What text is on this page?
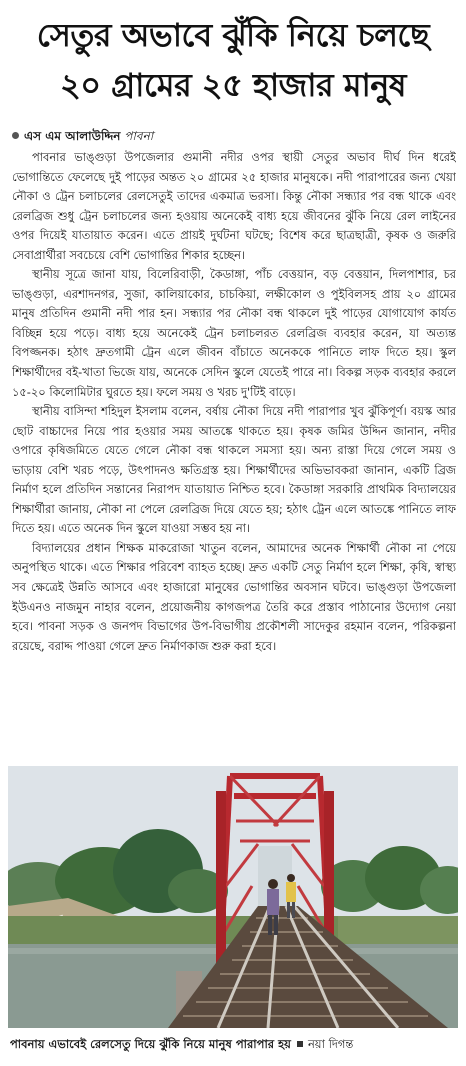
সেতুর অভাবে ঝুঁকি নিয়ে চলছে
২০ গ্রামের ২৫ হাজার মানুষ
এস এম আলাউদ্দিন পাবনা

পাবনার ভাঙ্গুড়া উপজেলার গুমানী নদীর ওপর স্থায়ী সেতুর অভাব দীর্ঘ দিন ধরেই ভোগান্তিতে ফেলেছে দুই পাড়ের অন্তত ২০ গ্রামের ২৫ হাজার মানুষকে। নদী পারাপারের জন্য খেয়া নৌকা ও ট্রেন চলাচলের রেলসেতুই তাদের একমাত্র ভরসা। কিন্তু নৌকা সন্ধ্যার পর বন্ধ থাকে এবং রেলব্রিজ শুধু ট্রেন চলাচলের জন্য হওয়ায় অনেকেই বাধ্য হয়ে জীবনের ঝুঁকি নিয়ে রেল লাইনের ওপর দিয়েই যাতায়াত করেন। এতে প্রায়ই দুর্ঘটনা ঘটছে; বিশেষ করে ছাত্রছাত্রী, কৃষক ও জরুরি সেবাপ্রার্থীরা সবচেয়ে বেশি ভোগান্তির শিকার হচ্ছেন।

স্থানীয় সূত্রে জানা যায়, বিলেরিবাড়ী, কৈডাঙ্গা, পাঁচ বেত্তয়ান, বড় বেত্তয়ান, দিলপাশার, চর ভাঙ্গুড়া, এরশাদনগর, সুজা, কালিয়াকোর, চাচকিয়া, লক্ষীকোল ও পুইবিলসহ প্রায় ২০ গ্রামের মানুষ প্রতিদিন গুমানী নদী পার হন। সন্ধ্যার পর নৌকা বন্ধ থাকলে দুই পাড়ের যোগাযোগ কার্যত বিচ্ছিন্ন হয়ে পড়ে। বাধ্য হয়ে অনেকেই ট্রেন চলাচলরত রেলব্রিজ ব্যবহার করেন, যা অত্যন্ত বিপজ্জনক। হঠাৎ দ্রুতগামী ট্রেন এলে জীবন বাঁচাতে অনেককে পানিতে লাফ দিতে হয়। স্কুল শিক্ষার্থীদের বই-খাতা ভিজে যায়, অনেকে সেদিন স্কুলে যেতেই পারে না। বিকল্প সড়ক ব্যবহার করলে ১৫-২০ কিলোমিটার ঘুরতে হয়। ফলে সময় ও খরচ দু'টিই বাড়ে।

স্থানীয় বাসিন্দা শহিদুল ইসলাম বলেন, বর্ষায় নৌকা দিয়ে নদী পারাপার খুব ঝুঁকিপূর্ণ। বয়স্ক আর ছোট বাচ্চাদের নিয়ে পার হওয়ার সময় আতঙ্কে থাকতে হয়। কৃষক জমির উদ্দিন জানান, নদীর ওপারে কৃষিজমিতে যেতে গেলে নৌকা বন্ধ থাকলে সমস্যা হয়। অন্য রাস্তা দিয়ে গেলে সময় ও ভাড়ায় বেশি খরচ পড়ে, উৎপাদনও ক্ষতিগ্রস্ত হয়। শিক্ষার্থীদের অভিভাবকরা জানান, একটি ব্রিজ নির্মাণ হলে প্রতিদিন সন্তানের নিরাপদ যাতায়াত নিশ্চিত হবে। কৈডাঙ্গা সরকারি প্রাথমিক বিদ্যালয়ের শিক্ষার্থীরা জানায়, নৌকা না পেলে রেলব্রিজ দিয়ে যেতে হয়; হঠাৎ ট্রেন এলে আতঙ্কে পানিতে লাফ দিতে হয়। এতে অনেক দিন স্কুলে যাওয়া সম্ভব হয় না।

বিদ্যালয়ের প্রধান শিক্ষক মাকরোজা খাতুন বলেন, আমাদের অনেক শিক্ষার্থী নৌকা না পেয়ে অনুপস্থিত থাকে। এতে শিক্ষার পরিবেশ ব্যাহত হচ্ছে। দ্রুত একটি সেতু নির্মাণ হলে শিক্ষা, কৃষি, স্বাস্থ্য সব ক্ষেত্রেই উন্নতি আসবে এবং হাজারো মানুষের ভোগান্তির অবসান ঘটবে। ভাঙ্গুড়া উপজেলা ইউএনও নাজমুন নাহার বলেন, প্রয়োজনীয় কাগজপত্র তৈরি করে প্রস্তাব পাঠানোর উদ্যোগ নেয়া হবে। পাবনা সড়ক ও জনপদ বিভাগের উপ-বিভাগীয় প্রকৌশলী সাদেকুর রহমান বলেন, পরিকল্পনা রয়েছে, বরাদ্দ পাওয়া গেলে দ্রুত নির্মাণকাজ শুরু করা হবে।

পাবনায় এভাবেই রেলসেতু দিয়ে ঝুঁকি নিয়ে মানুষ পারাপার হয় নয়া দিগন্ত
